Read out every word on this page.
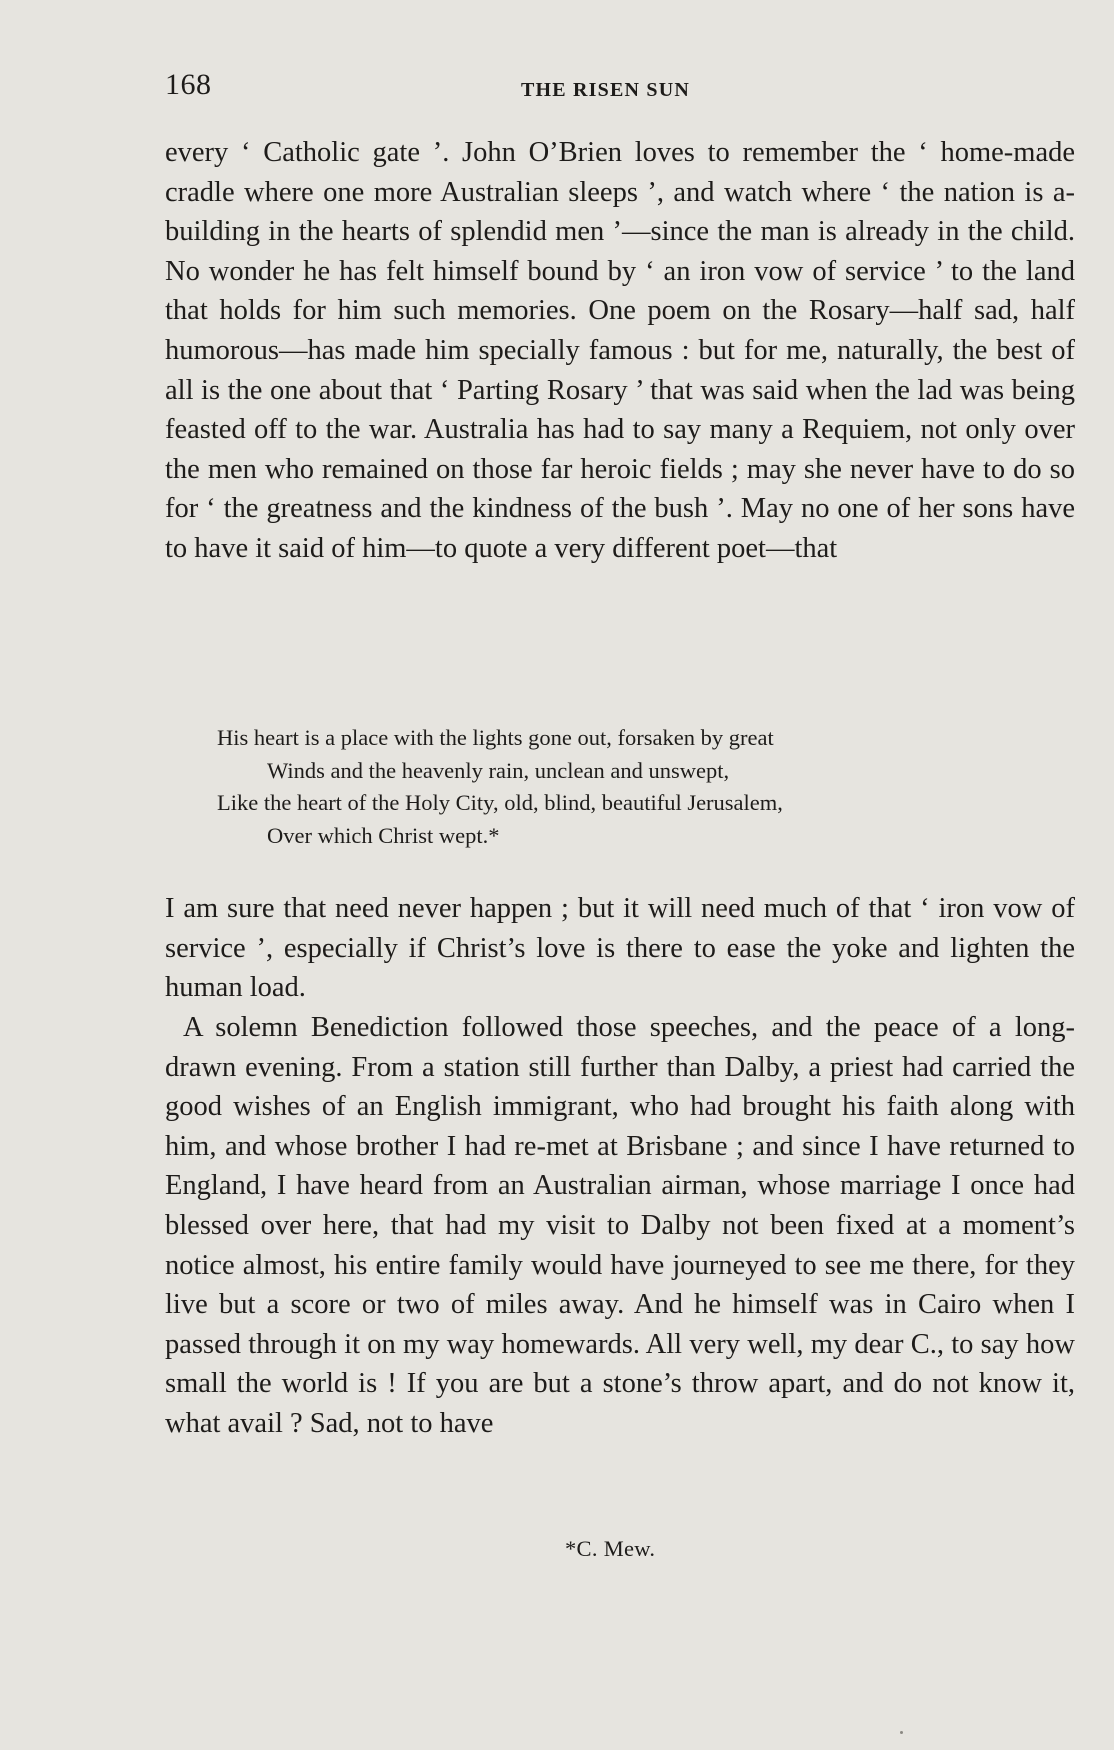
168	THE RISEN SUN

every ‘ Catholic gate ’. John O’Brien loves to remember the ‘ home-made cradle where one more Australian sleeps ’, and watch where ‘ the nation is a-building in the hearts of splendid men ’—since the man is already in the child. No wonder he has felt himself bound by ‘ an iron vow of service ’ to the land that holds for him such memories. One poem on the Rosary—half sad, half humorous—has made him specially famous : but for me, naturally, the best of all is the one about that ‘ Parting Rosary ’ that was said when the lad was being feasted off to the war. Australia has had to say many a Requiem, not only over the men who remained on those far heroic fields ; may she never have to do so for ‘ the greatness and the kindness of the bush ’. May no one of her sons have to have it said of him—to quote a very different poet—that

His heart is a place with the lights gone out, forsaken by great
Winds and the heavenly rain, unclean and unswept,
Like the heart of the Holy City, old, blind, beautiful Jerusalem,
Over which Christ wept.*

I am sure that need never happen ; but it will need much of that ‘ iron vow of service ’, especially if Christ’s love is there to ease the yoke and lighten the human load.

A solemn Benediction followed those speeches, and the peace of a long-drawn evening. From a station still further than Dalby, a priest had carried the good wishes of an English immigrant, who had brought his faith along with him, and whose brother I had re-met at Brisbane ; and since I have returned to England, I have heard from an Australian airman, whose marriage I once had blessed over here, that had my visit to Dalby not been fixed at a moment’s notice almost, his entire family would have journeyed to see me there, for they live but a score or two of miles away. And he himself was in Cairo when I passed through it on my way homewards. All very well, my dear C., to say how small the world is ! If you are but a stone’s throw apart, and do not know it, what avail ? Sad, not to have

*C. Mew.
